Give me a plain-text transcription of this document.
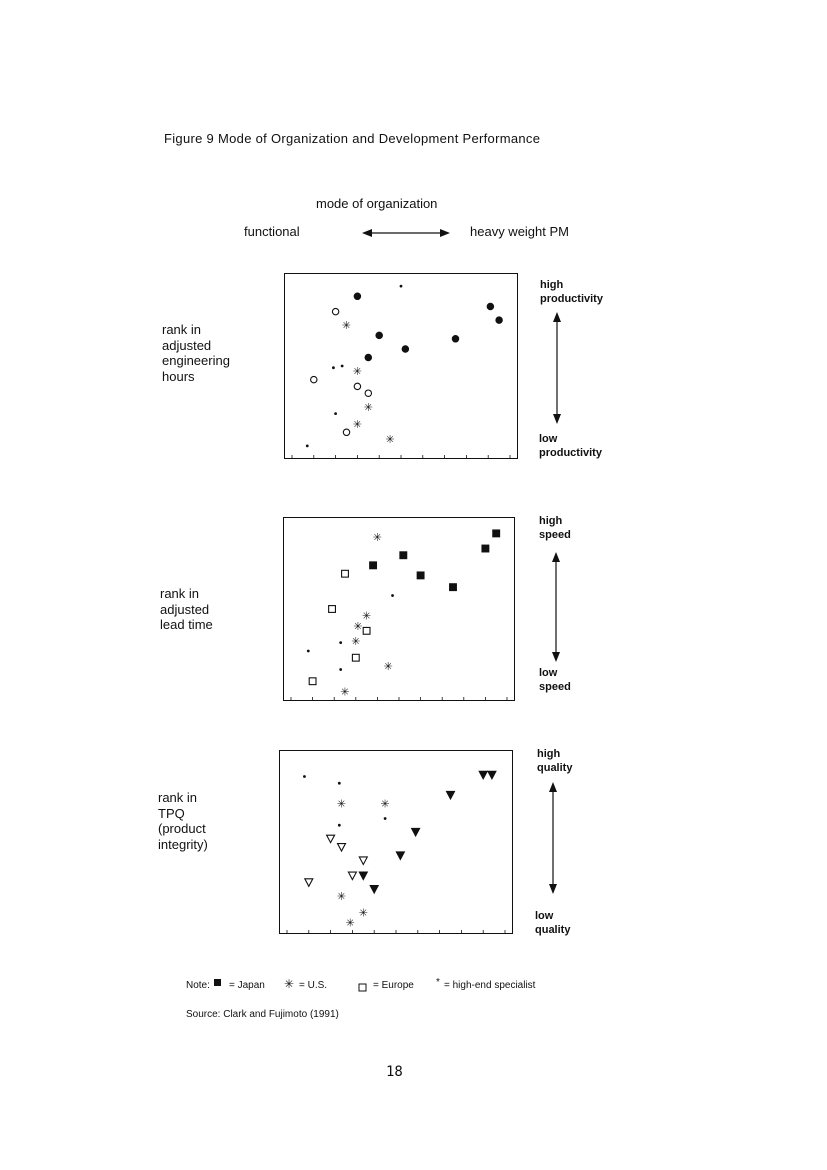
Figure 9 Mode of Organization and Development Performance
mode of organization
functional	heavy weight PM
rank in
adjusted
engineering
hours
✳
✳
✳
✳
✳
high
productivity
low
productivity
rank in
adjusted
lead time
✳
✳
✳
✳
✳
✳
high
speed
low
speed
rank in
TPQ
(product
integrity)
✳	✳
✳
✳
✳
high
quality
low
quality
Note: = Japan ✳ = U.S.	= Europe * = high-end specialist
Source: Clark and Fujimoto (1991)
18
